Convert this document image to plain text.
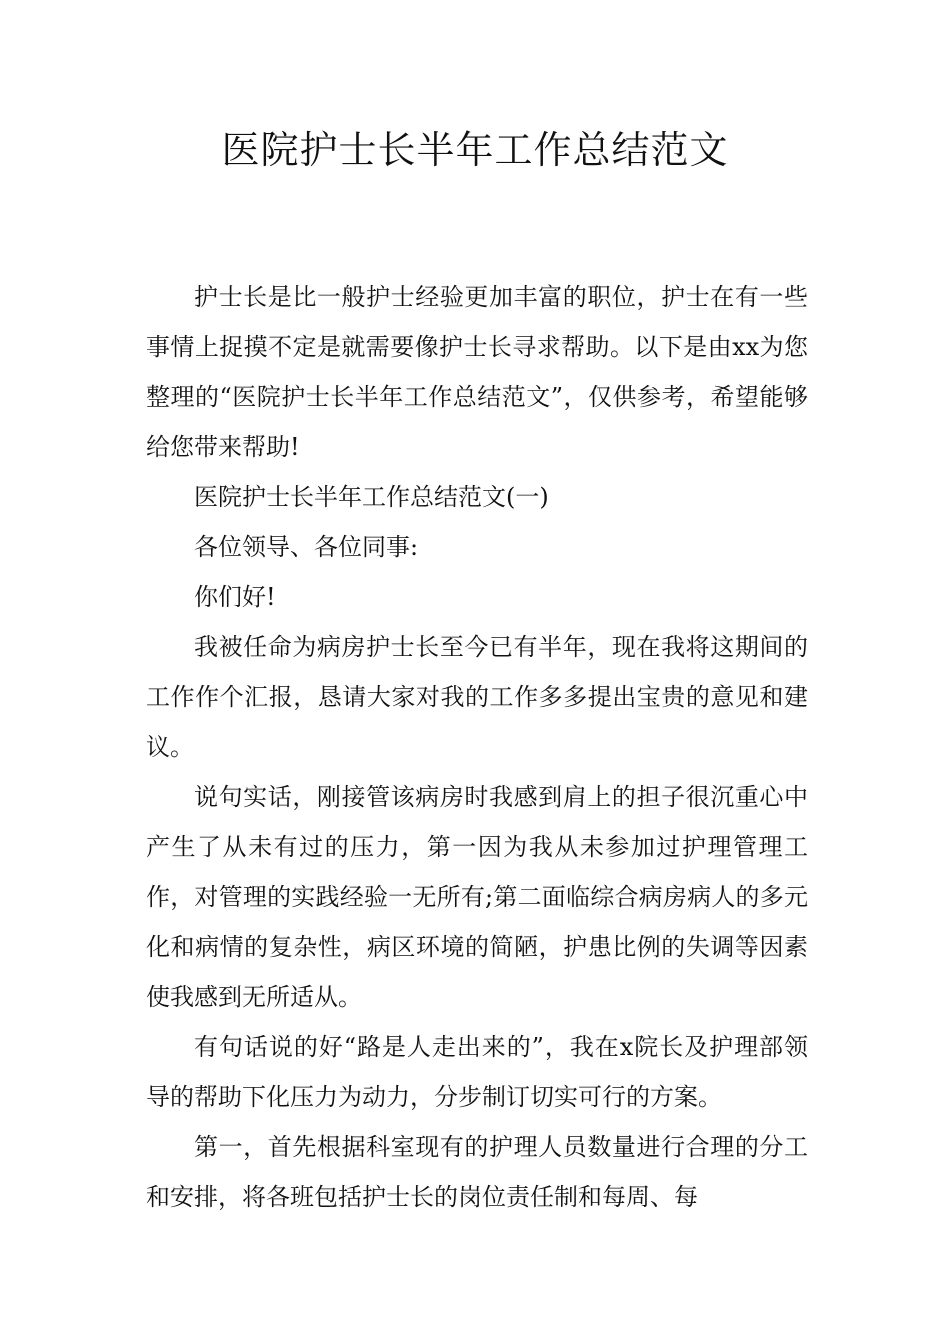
医院护士长半年工作总结范文

护士长是比一般护士经验更加丰富的职位，护士在有一些事情上捉摸不定是就需要像护士长寻求帮助。以下是由xx为您整理的“医院护士长半年工作总结范文”，仅供参考，希望能够给您带来帮助!

医院护士长半年工作总结范文(一)

各位领导、各位同事:

你们好!

我被任命为病房护士长至今已有半年，现在我将这期间的工作作个汇报，恳请大家对我的工作多多提出宝贵的意见和建议。

说句实话，刚接管该病房时我感到肩上的担子很沉重心中产生了从未有过的压力，第一因为我从未参加过护理管理工作，对管理的实践经验一无所有;第二面临综合病房病人的多元化和病情的复杂性，病区环境的简陋，护患比例的失调等因素使我感到无所适从。

有句话说的好“路是人走出来的”，我在x院长及护理部领导的帮助下化压力为动力，分步制订切实可行的方案。

第一，首先根据科室现有的护理人员数量进行合理的分工和安排，将各班包括护士长的岗位责任制和每周、每
